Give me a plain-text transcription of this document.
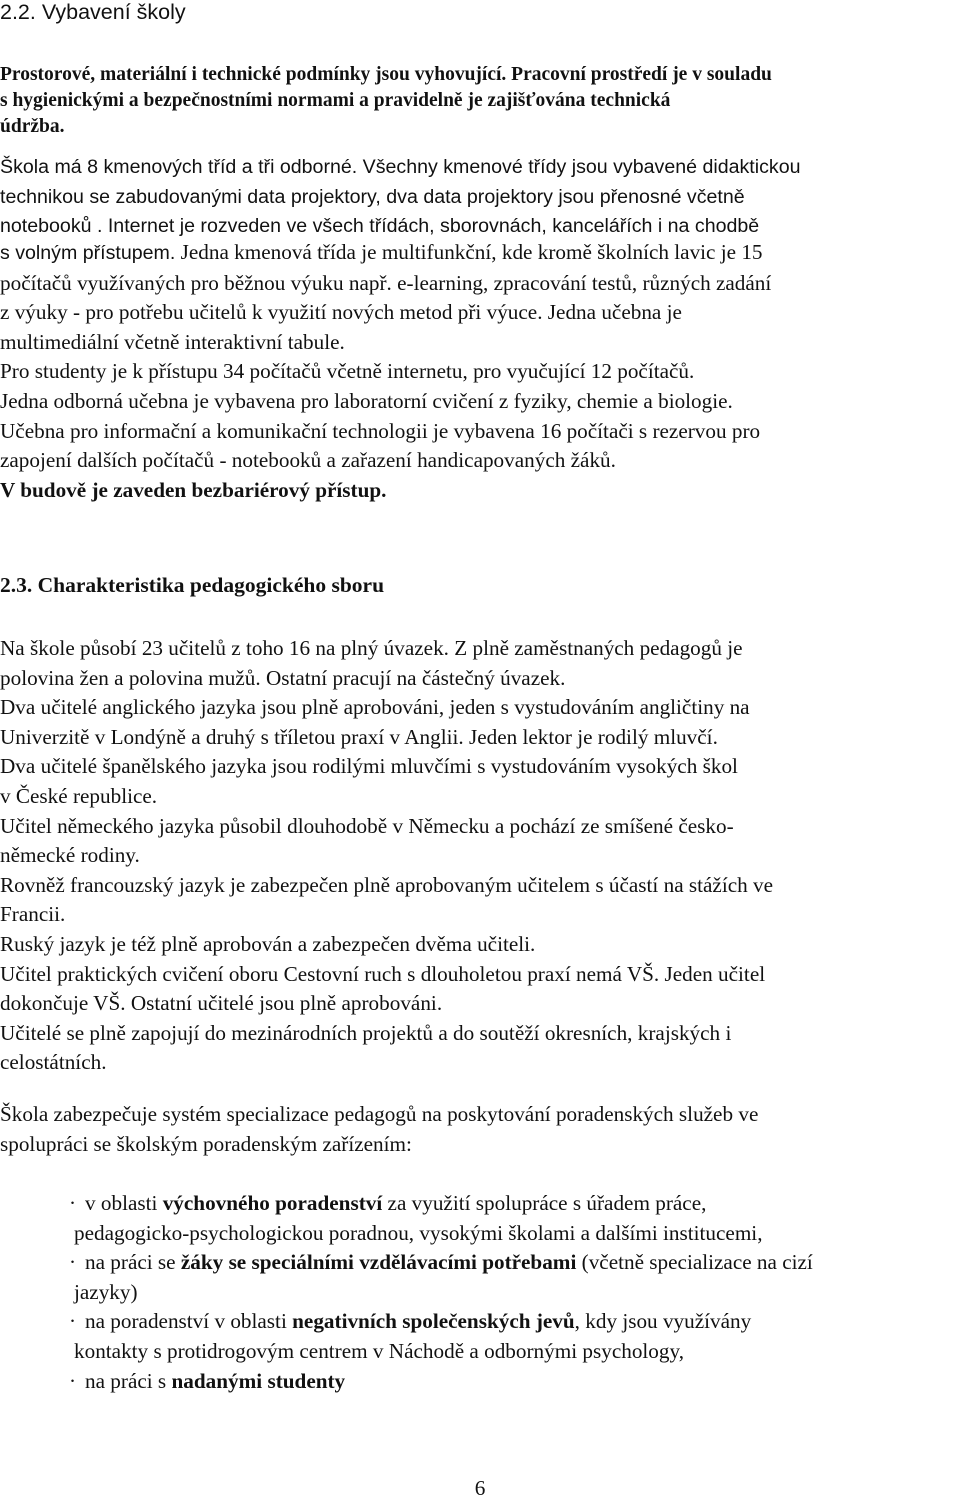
2.2. Vybavení školy

Prostorové, materiální i technické podmínky jsou vyhovující. Pracovní prostředí je v souladu
s hygienickými a bezpečnostními normami a pravidelně je zajišťována technická
údržba.

Škola má 8 kmenových tříd a tři odborné. Všechny kmenové třídy jsou vybavené didaktickou
technikou se zabudovanými data projektory, dva data projektory jsou přenosné včetně
notebooků . Internet je rozveden ve všech třídách, sborovnách, kancelářích i na chodbě

s volným přístupem. Jedna kmenová třída je multifunkční, kde kromě školních lavic je 15
počítačů využívaných pro běžnou výuku např. e-learning, zpracování testů, různých zadání
z výuky - pro potřebu učitelů k využití nových metod při výuce. Jedna učebna je
multimediální včetně interaktivní tabule.
Pro studenty je k přístupu 34 počítačů včetně internetu, pro vyučující 12 počítačů.
Jedna odborná učebna je vybavena pro laboratorní cvičení z fyziky, chemie a biologie.
Učebna pro informační a komunikační technologii je vybavena 16 počítači s rezervou pro
zapojení dalších počítačů - notebooků a zařazení handicapovaných žáků.
V budově je zaveden bezbariérový přístup.

2.3. Charakteristika pedagogického sboru

Na škole působí 23 učitelů z toho 16 na plný úvazek. Z plně zaměstnaných pedagogů je
polovina žen a polovina mužů. Ostatní pracují na částečný úvazek.
Dva učitelé anglického jazyka jsou plně aprobováni, jeden s vystudováním angličtiny na
Univerzitě v Londýně a druhý s tříletou praxí v Anglii. Jeden lektor je rodilý mluvčí.
Dva učitelé španělského jazyka jsou rodilými mluvčími s vystudováním vysokých škol
v České republice.
Učitel německého jazyka působil dlouhodobě v Německu a pochází ze smíšené česko-
německé rodiny.
Rovněž francouzský jazyk je zabezpečen plně aprobovaným učitelem s účastí na stážích ve
Francii.
Ruský jazyk je též plně aprobován a zabezpečen dvěma učiteli.
Učitel praktických cvičení oboru Cestovní ruch s dlouholetou praxí nemá VŠ. Jeden učitel
dokončuje VŠ. Ostatní učitelé jsou plně aprobováni.
Učitelé se plně zapojují do mezinárodních projektů a do soutěží okresních, krajských i
celostátních.

Škola zabezpečuje systém specializace pedagogů na poskytování poradenských služeb ve
spolupráci se školským poradenským zařízením:

· v oblasti výchovného poradenství za využití spolupráce s úřadem práce,
pedagogicko-psychologickou poradnou, vysokými školami a dalšími institucemi,
· na práci se žáky se speciálními vzdělávacími potřebami (včetně specializace na cizí
jazyky)
· na poradenství v oblasti negativních společenských jevů, kdy jsou využívány
kontakty s protidrogovým centrem v Náchodě a odbornými psychology,
· na práci s nadanými studenty
6
